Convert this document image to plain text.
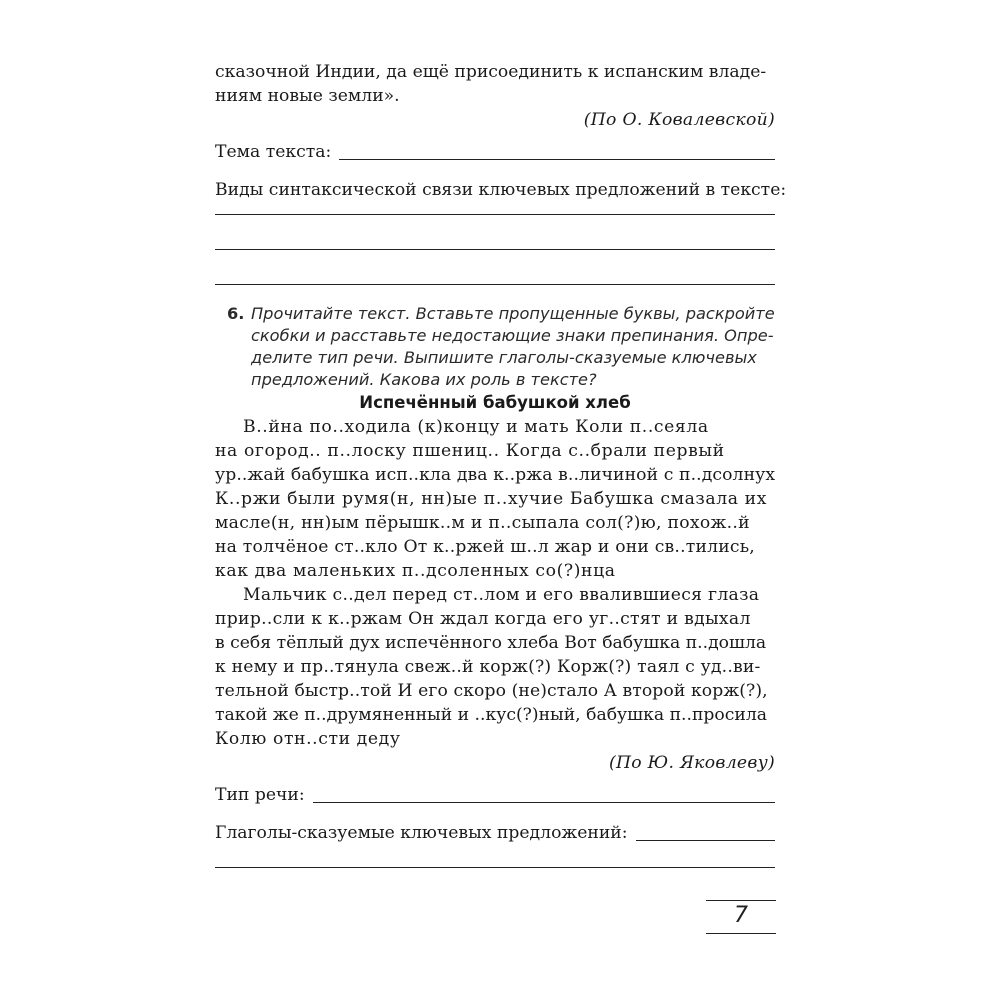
сказочной Индии, да ещё присоединить к испанским владе-
ниям новые земли».
(По О. Ковалевской)
Тема текста:
Виды синтаксической связи ключевых предложений в тексте:
6. Прочитайте текст. Вставьте пропущенные буквы, раскройте
скобки и расставьте недостающие знаки препинания. Опре-
делите тип речи. Выпишите глаголы-сказуемые ключевых
предложений. Какова их роль в тексте?
Испечённый бабушкой хлеб
В..йна по..ходила (к)концу и мать Коли п..сеяла
на огород.. п..лоску пшениц.. Когда с..брали первый
ур..жай бабушка исп..кла два к..ржа в..личиной с п..дсолнух
К..ржи были румя(н, нн)ые п..хучие Бабушка смазала их
масле(н, нн)ым пёрышк..м и п..сыпала сол(?)ю, похож..й
на толчёное ст..кло От к..ржей ш..л жар и они св..тились,
как два маленьких п..дсоленных со(?)нца
Мальчик с..дел перед ст..лом и его ввалившиеся глаза
прир..сли к к..ржам Он ждал когда его уг..стят и вдыхал
в себя тёплый дух испечённого хлеба Вот бабушка п..дошла
к нему и пр..тянула свеж..й корж(?) Корж(?) таял с уд..ви-
тельной быстр..той И его скоро (не)стало А второй корж(?),
такой же п..друмяненный и ..кус(?)ный, бабушка п..просила
Колю отн..сти деду
(По Ю. Яковлеву)
Тип речи:
Глаголы-сказуемые ключевых предложений:
7
